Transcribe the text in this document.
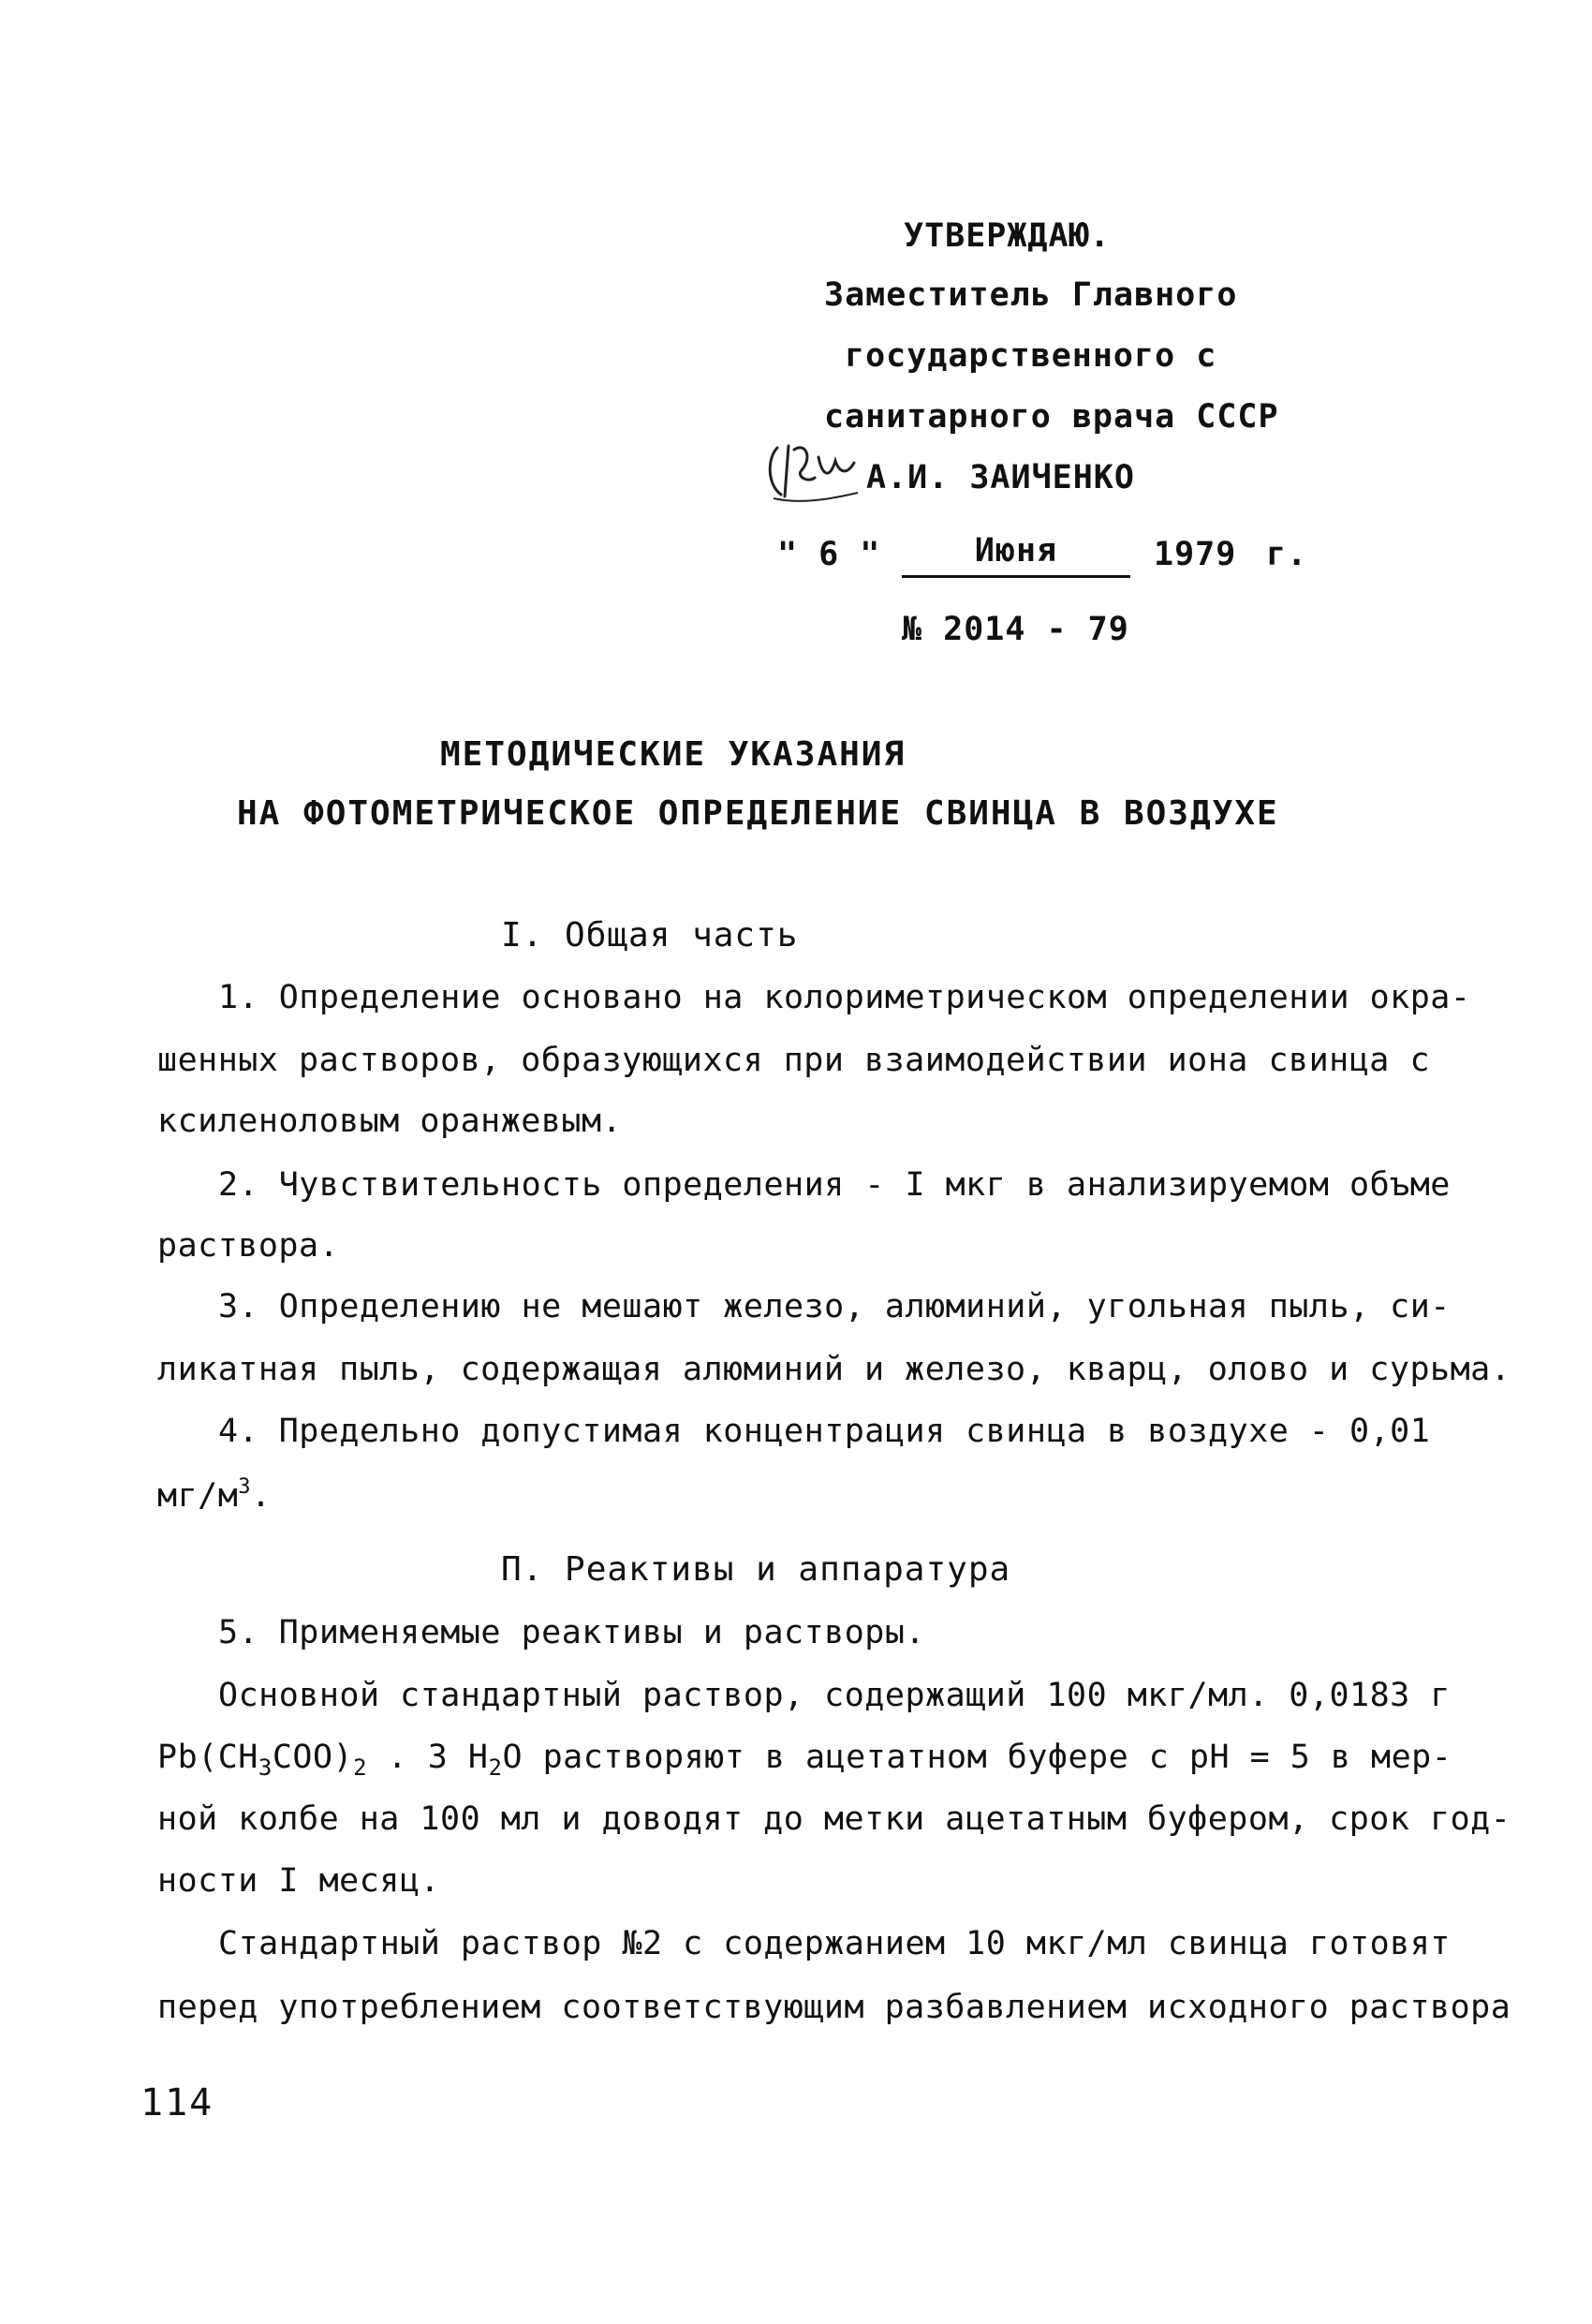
УТВЕРЖДАЮ.
Заместитель Главного
государственного с
санитарного врача СССР
А.И. ЗАИЧЕНКО
" 6 "	Июня	1979 г.
№ 2014 - 79
МЕТОДИЧЕСКИЕ УКАЗАНИЯ
НА ФОТОМЕТРИЧЕСКОЕ ОПРЕДЕЛЕНИЕ СВИНЦА В ВОЗДУХЕ
I. Общая часть
1. Определение основано на колориметрическом определении окра-
шенных растворов, образующихся при взаимодействии иона свинца с
ксиленоловым оранжевым.
2. Чувствительность определения - I мкг в анализируемом объме
раствора.
3. Определению не мешают железо, алюминий, угольная пыль, си-
ликатная пыль, содержащая алюминий и железо, кварц, олово и сурьма.
4. Предельно допустимая концентрация свинца в воздухе - 0,01
$мг/м^3$.
П. Реактивы и аппаратура
5. Применяемые реактивы и растворы.
Основной стандартный раствор, содержащий 100 мкг/мл. 0,0183 г
$Pb(CH_3COO)_2$ . 3 $H_2O$ растворяют в ацетатном буфере с pH = 5 в мер-
ной колбе на 100 мл и доводят до метки ацетатным буфером, срок год-
ности I месяц.
Стандартный раствор №2 с содержанием 10 мкг/мл свинца готовят
перед употреблением соответствующим разбавлением исходного раствора
114
